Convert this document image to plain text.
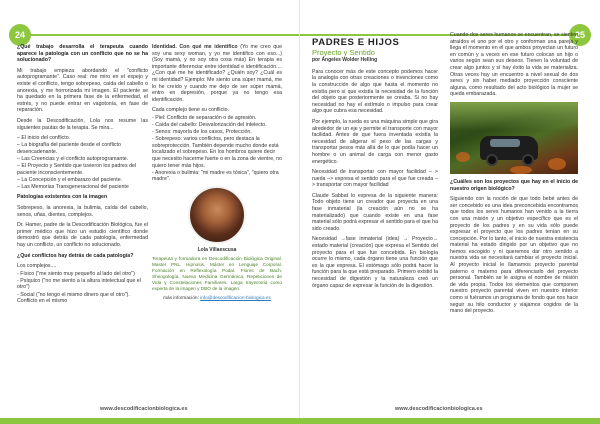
24

¿Qué trabajo desarrolla el terapeuta cuando aparece la patología con un conflicto que no se ha solucionado?

Mi trabajo empieza abordando el "conflicto autoprogramante". Caso real: me miro en el espejo y existe el conflicto, tengo sobrepeso, caída del cabello o anorexia, y me horrorizada mi imagen. El paciente se ha quedado en la primera fase de la enfermedad, el estrés, y no puede entrar en vagotonía, en fase de reparación.

Desde la Descodificación, Lola nos resume las siguientes pautas de la terapia. Se mira...

– El inicio del conflicto.
– La biografía del paciente desde el conflicto desencadenante.
– Las Creencias y el conflicto autoprogramante.
– El Proyecto y Sentido que tuvieron los padres del paciente inconscientemente.
– La Concepción y el embarazo del paciente.
– Las Memorias Transgeneracional del paciente

Patologías existentes con la imagen

Sobrepeso, la anorexia, la bulimia, caída del cabello, senos, uñas, dientes, complejos.

Dr. Hamer, padre de la Descodificación Biológica, fue el primer médico que hizo un estudio científico donde demostró que detrás de cada patología, enfermedad hay un conflicto, un conflicto no solucionado.

¿Qué conflictos hay detrás de cada patología?

Los complejos....

- Físico ("me siento muy pequeño al lado del otro")
- Psíquico ("no me siento a la altura intelectual que el otro")
- Social ("no tengo el mismo dinero que el otro"). Conflicto en el mismo

Identidad. Con qué me identifico (Yo me creo que soy una sexy woman, y yo me identifico con eso...) (Soy mamá, y no soy otra cosa más) En terapia es importante diferenciar entre identidad e identificación.... ¿Con qué me he identificado? ¿Quién soy? ¿Cuál es mi identidad? Ejemplo: Me siento una súper mamá, me lo he creído y cuando me dejo de ser súper mamá, entro en depresión, porque ya no tengo esa identificación.

Cada complejo tiene su conflicto.

- Piel: Conflicto de separación o de agresión.
- Caída del cabello: Desvalorización del intelecto.
- Senos: mayoría de los casos, Protección.
- Sobrepeso: varios conflictos, pero destaca la sobreprotección. También depende mucho donde está localizado el sobrepeso. En los hombros quiere decir que necesito hacerme fuerte o en la zona de vientre, no quiero tener más hijos.
- Anorexia o bulimia: "mi madre es tóxica", "quiero otra madre".
Lola Villaescusa
Terapeuta y formadora en Descodificación Biológica Original. Master PNL. Hipnosis. Máster en Lenguaje Corporal. Formación en Reflexología Podal. Flores de Bach, Shengología, Nueva Medicina Germánica, Repeticiones de Vida y Constelaciones Familiares. Larga trayectoria como experta de la imagen y DBO de la imagen.
más información: info@descodificacion-biologica.es
www.descodificacionbiologica.es
25
PADRES E HIJOS
Proyecto y Sentido
por Ángeles Wolder Helling

Para conocer más de este concepto podemos hacer la analogía con otras creaciones o invenciones como la construcción de algo que hasta el momento no existía pero sí que existía la necesidad de la función del objeto que posteriormente se creaba. Si no hay necesidad no hay el estímulo o impulso para crear algo que cubra esa necesidad.

Por ejemplo, la rueda es una máquina simple que gira alrededor de un eje y permite el transporte con mayor facilidad. Antes de que fuera inventada existía la necesidad de aligerar el peso de las cargas y transportar pesos más allá de lo que podía hacer un hombre o un animal de carga con menor gasto energético.

Necesidad de transportar con mayor facilidad – > rueda –> expresa el sentido para el que fue creada –> transportar con mayor facilidad

Claude Sabbat lo expresa de la siguiente manera: Todo objeto tiene un creador que proyecta en una fase inmaterial (la creación aún no se ha materializado) que cuando existe en una fase material sólo podrá expresar el sentido para el que ha sido creado.

Necesidad →fase inmaterial (idea) → Proyecto→ estado material (creación) que expresa el Sentido del proyecto para el que fue concebida. En biología ocurre lo mismo, cada órgano tiene una función que es la que expresa. El estómago sólo podrá hacer la función para la que está preparado. Primero existió la necesidad de digestión y la naturaleza creó un órgano capaz de expresar la función de la digestión.

Cuando dos seres humanos se encuentran, se sienten atraídos el uno por el otro y conforman una pareja y llega el momento en el que ambos proyectan un futuro en común y a veces en ese futuro colocan un hijo o varios según sean sus deseos. Tienen la voluntad de crear algo juntos y sí hay éxito la vida se materializa. Otras veces hay un encuentro a nivel sexual de dos seres y sin haber mediado proyección consciente alguna, como resultado del acto biológico la mujer se queda embarazada.

¿Cuál/es son los proyectos que hay en el inicio de nuestro origen biológico?

Siguiendo con la noción de que todo bebé antes de ser concebido es una idea preconcebida encontramos que todos los seres humanos han venido a la tierra con una misión y un objetivo específico que es el proyecto de los padres y en su vida sólo puede expresar el proyecto que los padres tenían en su concepción. Por lo tanto, el inicio de nuestra existencia material ha estado dirigido por un objetivo que no hemos escogido y ni queremos dar otro sentido a nuestra vida se necesitará cambiar el proyecto inicial. Al proyecto inicial le llamamos proyecto parental paterno o materno para diferenciarlo del proyecto personal. También se le asigna el nombre de misión de vida propia. Todos los elementos que componen nuestro proyecto parental viven en nuestro interior como si fuéramos un programa de fondo que nos hace seguir su hilo conductor y viajamos cogidos de la mano del proyecto.

www.descodificacionbiologica.es
